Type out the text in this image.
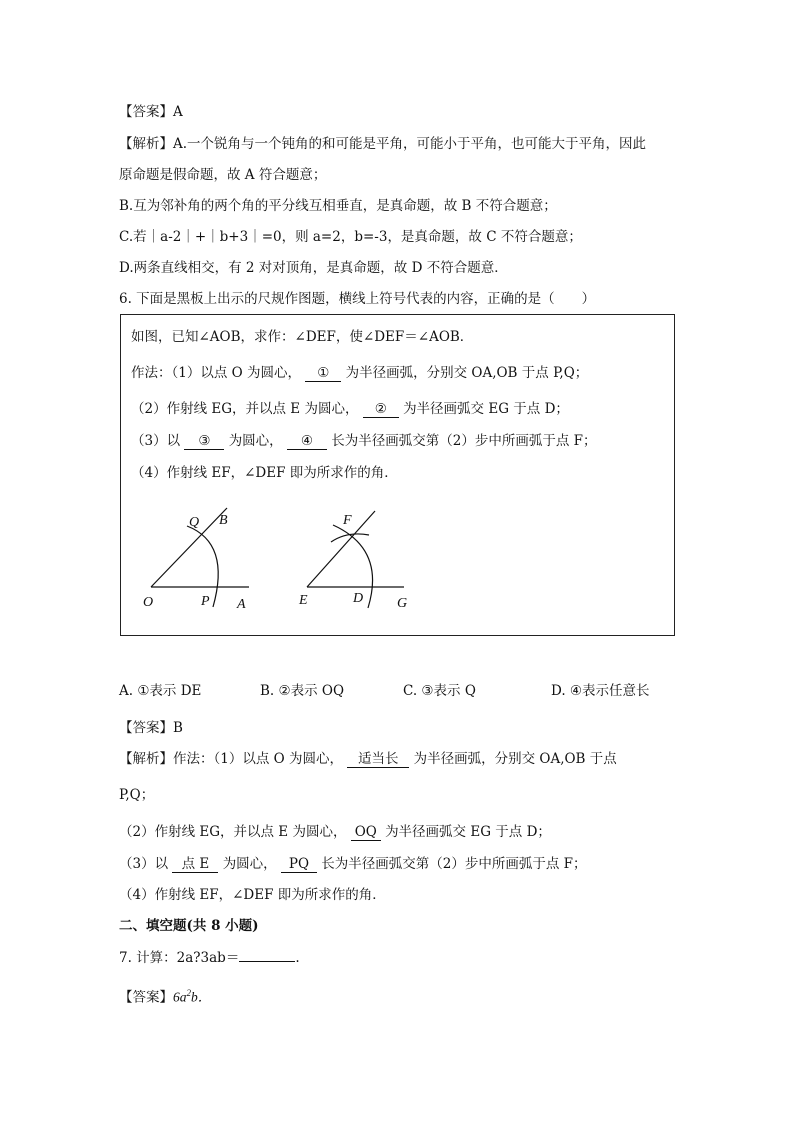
【答案】A
【解析】A.一个锐角与一个钝角的和可能是平角，可能小于平角，也可能大于平角，因此
原命题是假命题，故 A 符合题意；
B.互为邻补角的两个角的平分线互相垂直，是真命题，故 B 不符合题意；
C.若｜a-2｜+｜b+3｜=0，则 a=2，b=-3，是真命题，故 C 不符合题意；
D.两条直线相交，有 2 对对顶角，是真命题，故 D 不符合题意．
6. 下面是黑板上出示的尺规作图题，横线上符号代表的内容，正确的是（　　）
如图，已知∠AOB，求作：∠DEF，使∠DEF＝∠AOB．
作法：（1）以点 O 为圆心， ① 为半径画弧，分别交 OA,OB 于点 P,Q；
（2）作射线 EG，并以点 E 为圆心， ② 为半径画弧交 EG 于点 D；
（3）以 ③ 为圆心， ④ 长为半径画弧交第（2）步中所画弧于点 F；
（4）作射线 EF，∠DEF 即为所求作的角．
Q B
O	P A
F
E	D G
A. ①表示 DE	B. ②表示 OQ	C. ③表示 Q	D. ④表示任意长
【答案】B
【解析】作法：（1）以点 O 为圆心， 适当长 为半径画弧，分别交 OA,OB 于点
P,Q；
（2）作射线 EG，并以点 E 为圆心， OQ 为半径画弧交 EG 于点 D；
（3）以 点 E 为圆心， PQ 长为半径画弧交第（2）步中所画弧于点 F；
（4）作射线 EF，∠DEF 即为所求作的角．
二、填空题(共 8 小题)
7. 计算：2a?3ab＝	.
【答案】$6a^2b$．
